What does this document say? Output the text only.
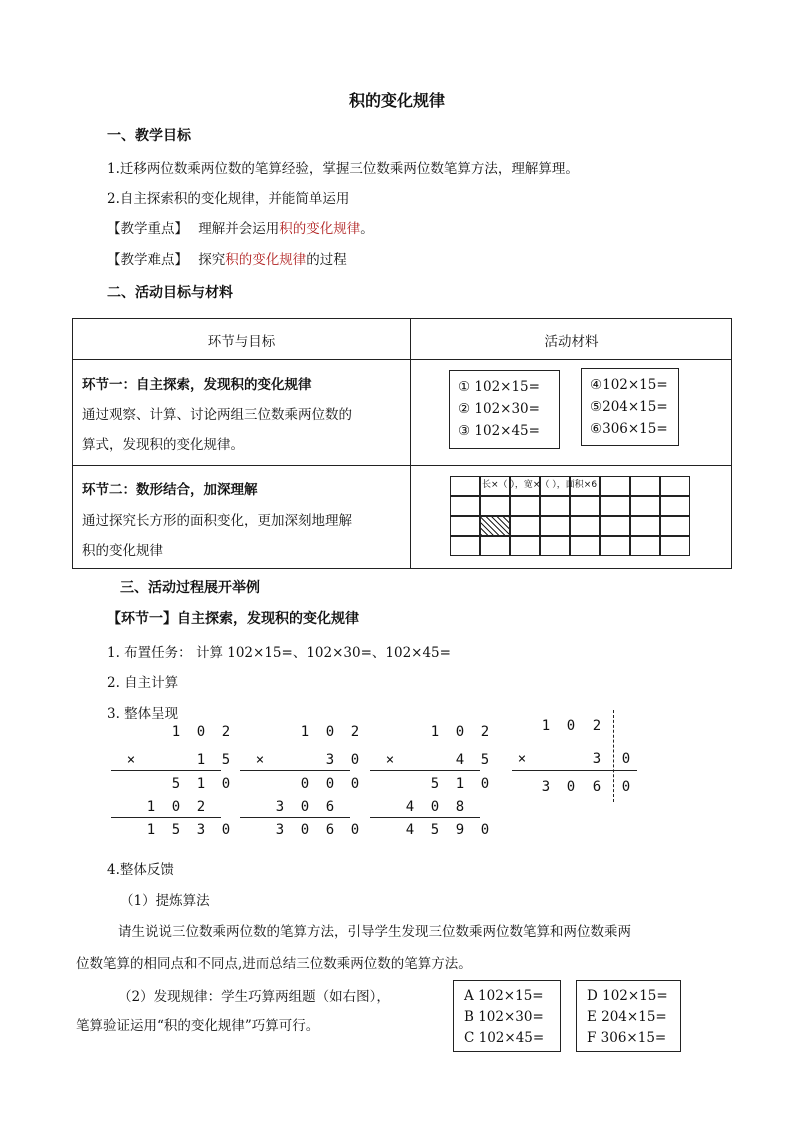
积的变化规律
一、教学目标
1.迁移两位数乘两位数的笔算经验，掌握三位数乘两位数笔算方法，理解算理。
2.自主探索积的变化规律，并能简单运用
【教学重点】 理解并会运用积的变化规律。
【教学难点】 探究积的变化规律的过程
二、活动目标与材料
环节与目标	活动材料
环节一：自主探索，发现积的变化规律
通过观察、计算、讨论两组三位数乘两位数的
算式，发现积的变化规律。
① 102×15=
② 102×30=
③ 102×45=
④102×15=
⑤204×15=
⑥306×15=
环节二：数形结合，加深理解
通过探究长方形的面积变化，更加深刻地理解
积的变化规律
长×（ ），宽×（ ），面积×6
三、活动过程展开举例
【环节一】自主探索，发现积的变化规律
1. 布置任务： 计算 102×15=、102×30=、102×45=
2. 自主计算
3. 整体呈现
1	0	2
×	1	5
5	1	0
1	0	2
1	5	3	0
1	0	2
×	3	0
0	0	0
3	0	6
3	0	6	0
1	0	2
×	4	5
5	1	0
4	0	8
4	5	9	0
1	0	2
×	3	0
3	0	6	0
4.整体反馈
（1）提炼算法
请生说说三位数乘两位数的笔算方法，引导学生发现三位数乘两位数笔算和两位数乘两
位数笔算的相同点和不同点,进而总结三位数乘两位数的笔算方法。
（2）发现规律：学生巧算两组题（如右图），
笔算验证运用“积的变化规律”巧算可行。
A 102×15=
B 102×30=
C 102×45=
D 102×15=
E 204×15=
F 306×15=
